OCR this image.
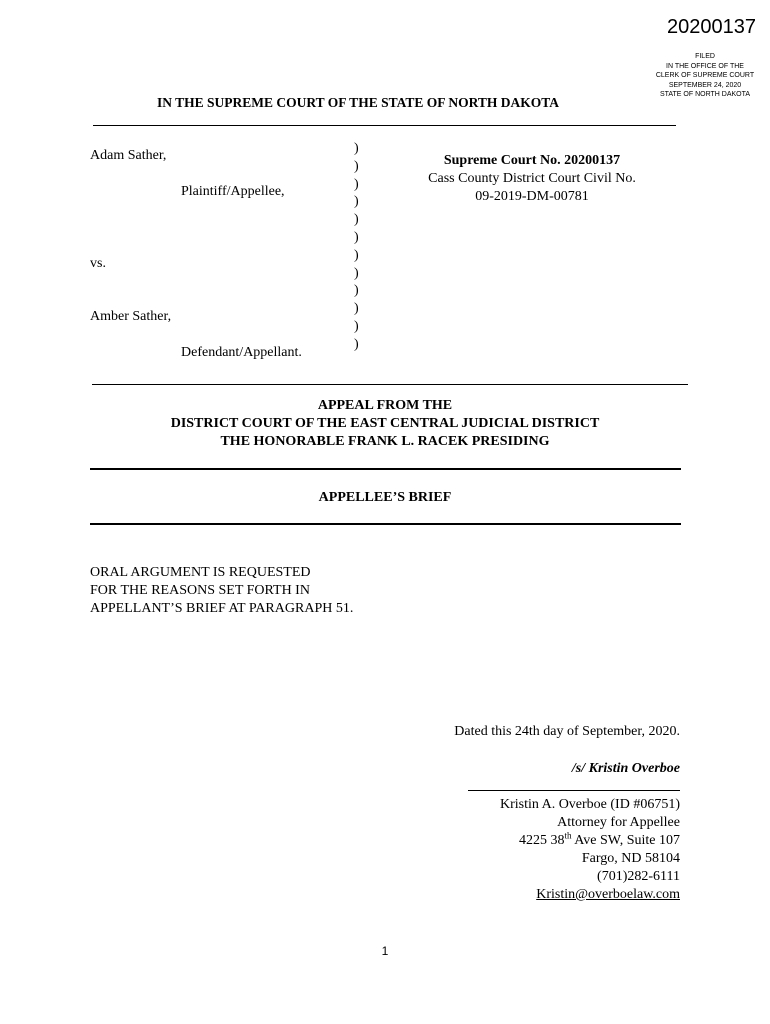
20200137
FILED
IN THE OFFICE OF THE
CLERK OF SUPREME COURT
SEPTEMBER 24, 2020
STATE OF NORTH DAKOTA
IN THE SUPREME COURT OF THE STATE OF NORTH DAKOTA
Adam Sather,
Plaintiff/Appellee,
vs.
Amber Sather,
Defendant/Appellant.
)
)
)
)
)
)
)
)
)
)
)
)
Supreme Court No. 20200137
Cass County District Court Civil No.
09-2019-DM-00781
APPEAL FROM THE
DISTRICT COURT OF THE EAST CENTRAL JUDICIAL DISTRICT
THE HONORABLE FRANK L. RACEK PRESIDING
APPELLEE’S BRIEF
ORAL ARGUMENT IS REQUESTED
FOR THE REASONS SET FORTH IN
APPELLANT’S BRIEF AT PARAGRAPH 51.
Dated this 24th day of September, 2020.
/s/ Kristin Overboe
Kristin A. Overboe (ID #06751)
Attorney for Appellee
4225 38th Ave SW, Suite 107
Fargo, ND 58104
(701)282-6111
Kristin@overboelaw.com
1
